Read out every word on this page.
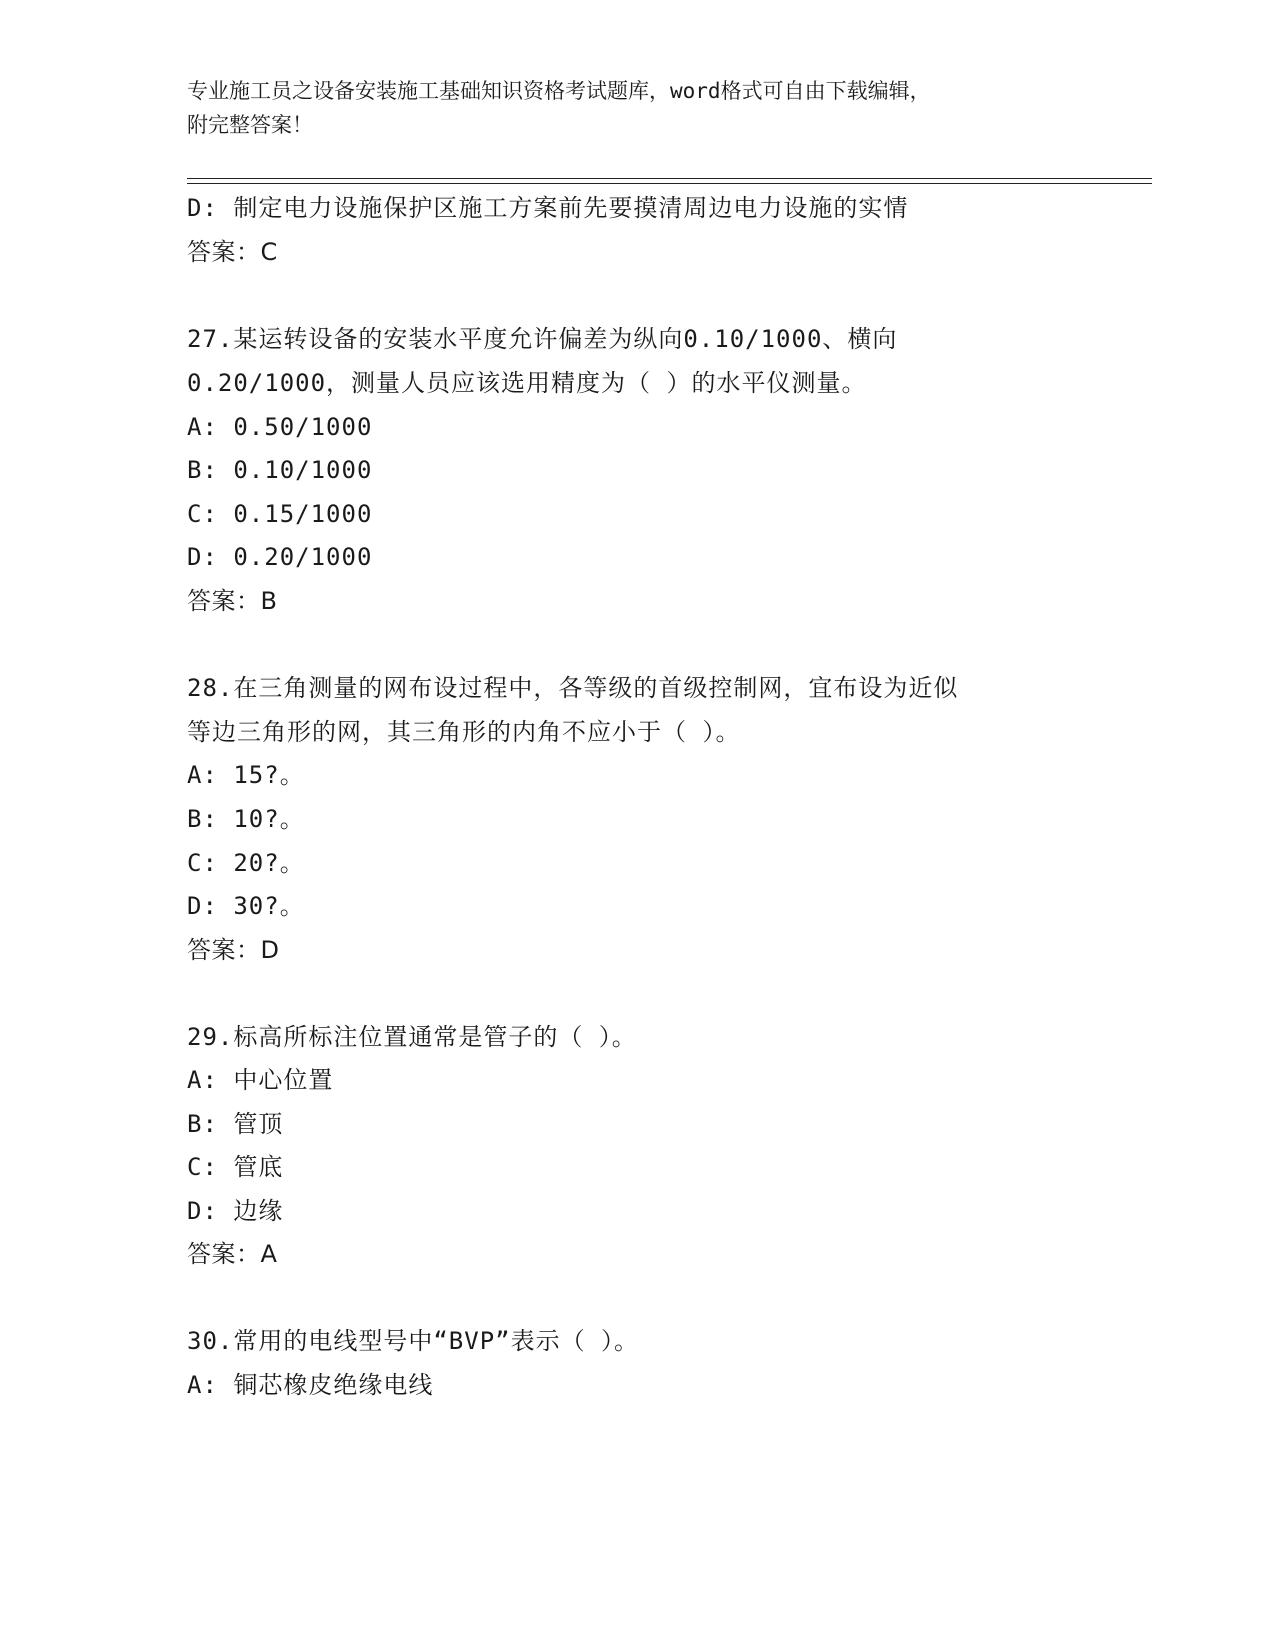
专业施工员之设备安装施工基础知识资格考试题库，word格式可自由下载编辑，
附完整答案！
D: 制定电力设施保护区施工方案前先要摸清周边电力设施的实情
答案：C
27.某运转设备的安装水平度允许偏差为纵向0.10/1000、横向
0.20/1000，测量人员应该选用精度为（ ）的水平仪测量。
A: 0.50/1000
B: 0.10/1000
C: 0.15/1000
D: 0.20/1000
答案：B
28.在三角测量的网布设过程中，各等级的首级控制网，宜布设为近似
等边三角形的网，其三角形的内角不应小于（ ）。
A: 15?。
B: 10?。
C: 20?。
D: 30?。
答案：D
29.标高所标注位置通常是管子的（ ）。
A: 中心位置
B: 管顶
C: 管底
D: 边缘
答案：A
30.常用的电线型号中“BVP”表示（ ）。
A: 铜芯橡皮绝缘电线
